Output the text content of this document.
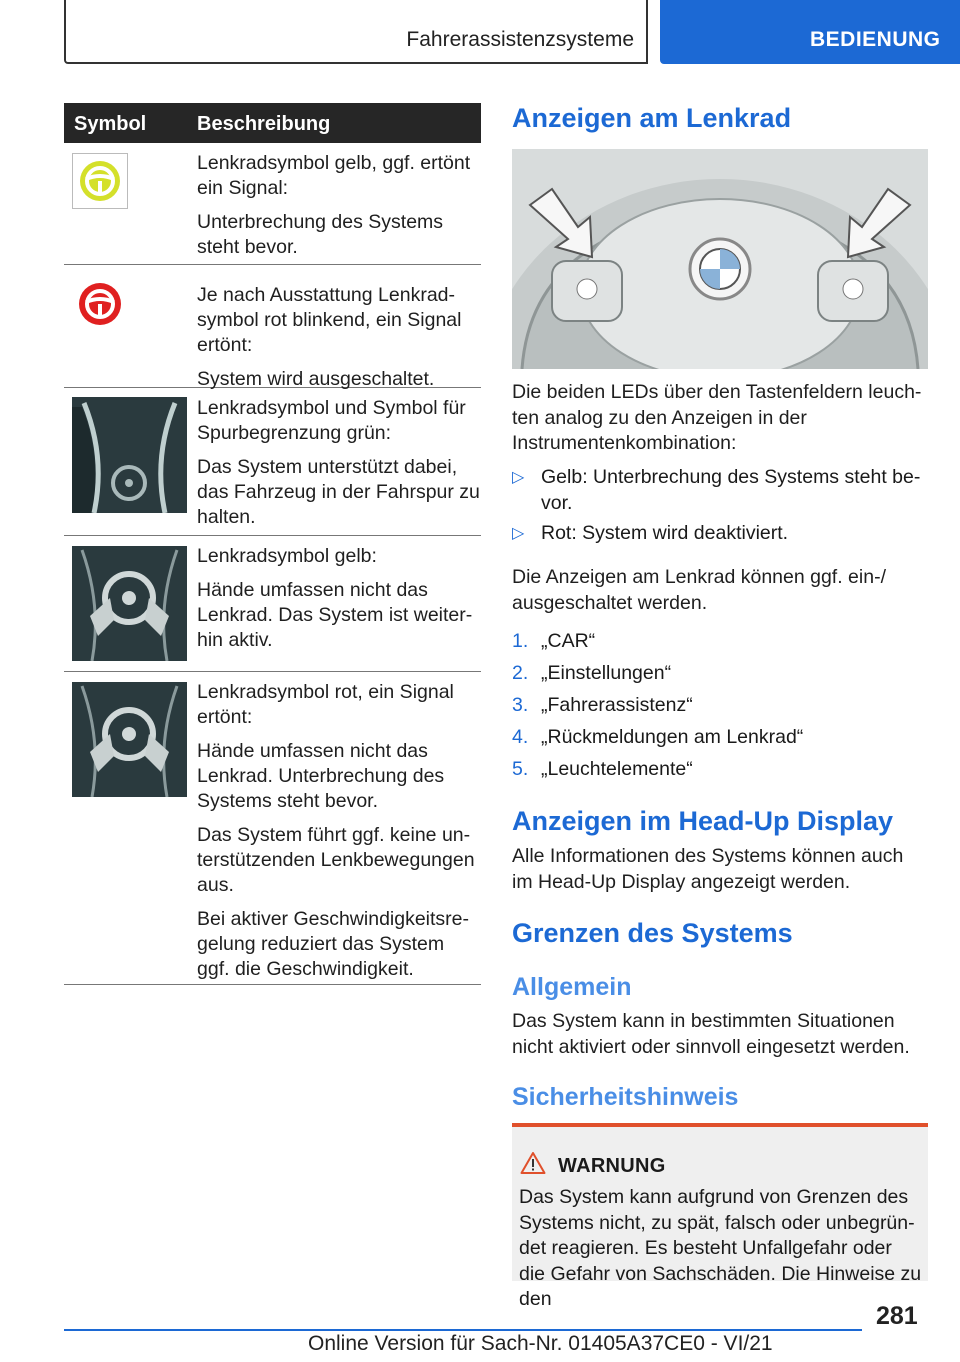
Fahrerassistenzsysteme	BEDIENUNG
Symbol	Beschreibung

Lenkradsymbol gelb, ggf. ertönt ein Signal:

Unterbrechung des Systems steht bevor.

Je nach Ausstattung Lenkradsymbol rot blinkend, ein Signal ertönt:

System wird ausgeschaltet.

Lenkradsymbol und Symbol für Spurbegrenzung grün:

Das System unterstützt dabei, das Fahrzeug in der Fahrspur zu halten.

Lenkradsymbol gelb:

Hände umfassen nicht das Lenkrad. Das System ist weiterhin aktiv.

Lenkradsymbol rot, ein Signal ertönt:

Hände umfassen nicht das Lenkrad. Unterbrechung des Systems steht bevor.

Das System führt ggf. keine unterstützenden Lenkbewegungen aus.

Bei aktiver Geschwindigkeitsregelung reduziert das System ggf. die Geschwindigkeit.

Anzeigen am Lenkrad
Die beiden LEDs über den Tastenfeldern leuchten analog zu den Anzeigen in der Instrumentenkombination:
▷ Gelb: Unterbrechung des Systems steht bevor.
▷ Rot: System wird deaktiviert.
Die Anzeigen am Lenkrad können ggf. ein-/ ausgeschaltet werden.
1. „CAR“
2. „Einstellungen“
3. „Fahrerassistenz“
4. „Rückmeldungen am Lenkrad“
5. „Leuchtelemente“
Anzeigen im Head-Up Display
Alle Informationen des Systems können auch im Head-Up Display angezeigt werden.
Grenzen des Systems
Allgemein
Das System kann in bestimmten Situationen nicht aktiviert oder sinnvoll eingesetzt werden.
Sicherheitshinweis
WARNUNG
Das System kann aufgrund von Grenzen des Systems nicht, zu spät, falsch oder unbegründet reagieren. Es besteht Unfallgefahr oder die Gefahr von Sachschäden. Die Hinweise zu den
281
Online Version für Sach-Nr. 01405A37CE0 - VI/21
